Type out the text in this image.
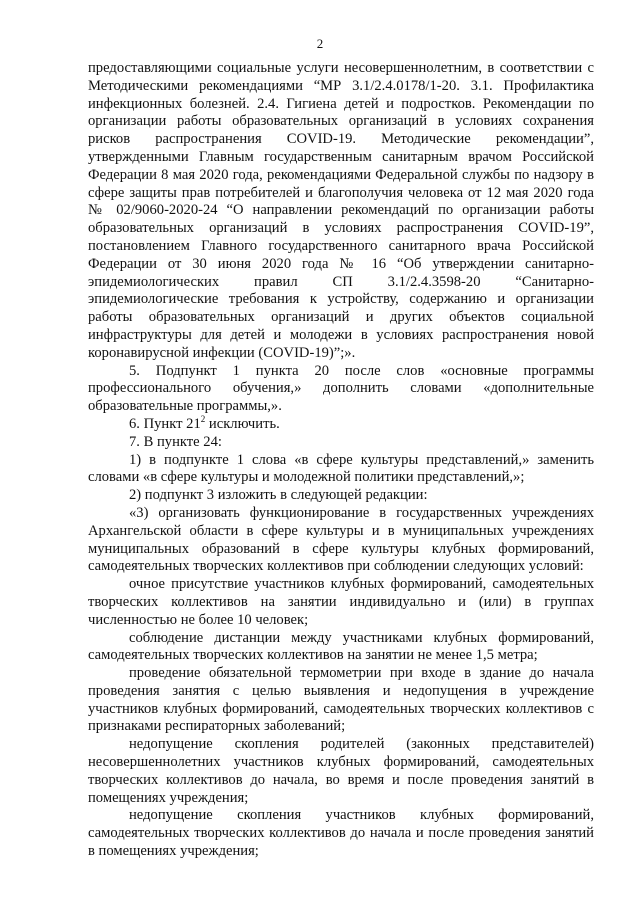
2

предоставляющими социальные услуги несовершеннолетним, в соответствии с Методическими рекомендациями “МР 3.1/2.4.0178/1-20. 3.1. Профилактика инфекционных болезней. 2.4. Гигиена детей и подростков. Рекомендации по организации работы образовательных организаций в условиях сохранения рисков распространения COVID-19. Методические рекомендации”, утвержденными Главным государственным санитарным врачом Российской Федерации 8 мая 2020 года, рекомендациями Федеральной службы по надзору в сфере защиты прав потребителей и благополучия человека от 12 мая 2020 года № 02/9060-2020-24 “О направлении рекомендаций по организации работы образовательных организаций в условиях распространения COVID-19”, постановлением Главного государственного санитарного врача Российской Федерации от 30 июня 2020 года № 16 “Об утверждении санитарно-эпидемиологических правил СП 3.1/2.4.3598-20 “Санитарно-эпидемиологические требования к устройству, содержанию и организации работы образовательных организаций и других объектов социальной инфраструктуры для детей и молодежи в условиях распространения новой коронавирусной инфекции (COVID-19)”;».

5. Подпункт 1 пункта 20 после слов «основные программы профессионального обучения,» дополнить словами «дополнительные образовательные программы,».

6. Пункт $21^2$ исключить.

7. В пункте 24:

1) в подпункте 1 слова «в сфере культуры представлений,» заменить словами «в сфере культуры и молодежной политики представлений,»;

2) подпункт 3 изложить в следующей редакции:

«3) организовать функционирование в государственных учреждениях Архангельской области в сфере культуры и в муниципальных учреждениях муниципальных образований в сфере культуры клубных формирований, самодеятельных творческих коллективов при соблюдении следующих условий:

очное присутствие участников клубных формирований, самодеятельных творческих коллективов на занятии индивидуально и (или) в группах численностью не более 10 человек;

соблюдение дистанции между участниками клубных формирований, самодеятельных творческих коллективов на занятии не менее 1,5 метра;

проведение обязательной термометрии при входе в здание до начала проведения занятия с целью выявления и недопущения в учреждение участников клубных формирований, самодеятельных творческих коллективов с признаками респираторных заболеваний;

недопущение скопления родителей (законных представителей) несовершеннолетних участников клубных формирований, самодеятельных творческих коллективов до начала, во время и после проведения занятий в помещениях учреждения;

недопущение скопления участников клубных формирований, самодеятельных творческих коллективов до начала и после проведения занятий в помещениях учреждения;
